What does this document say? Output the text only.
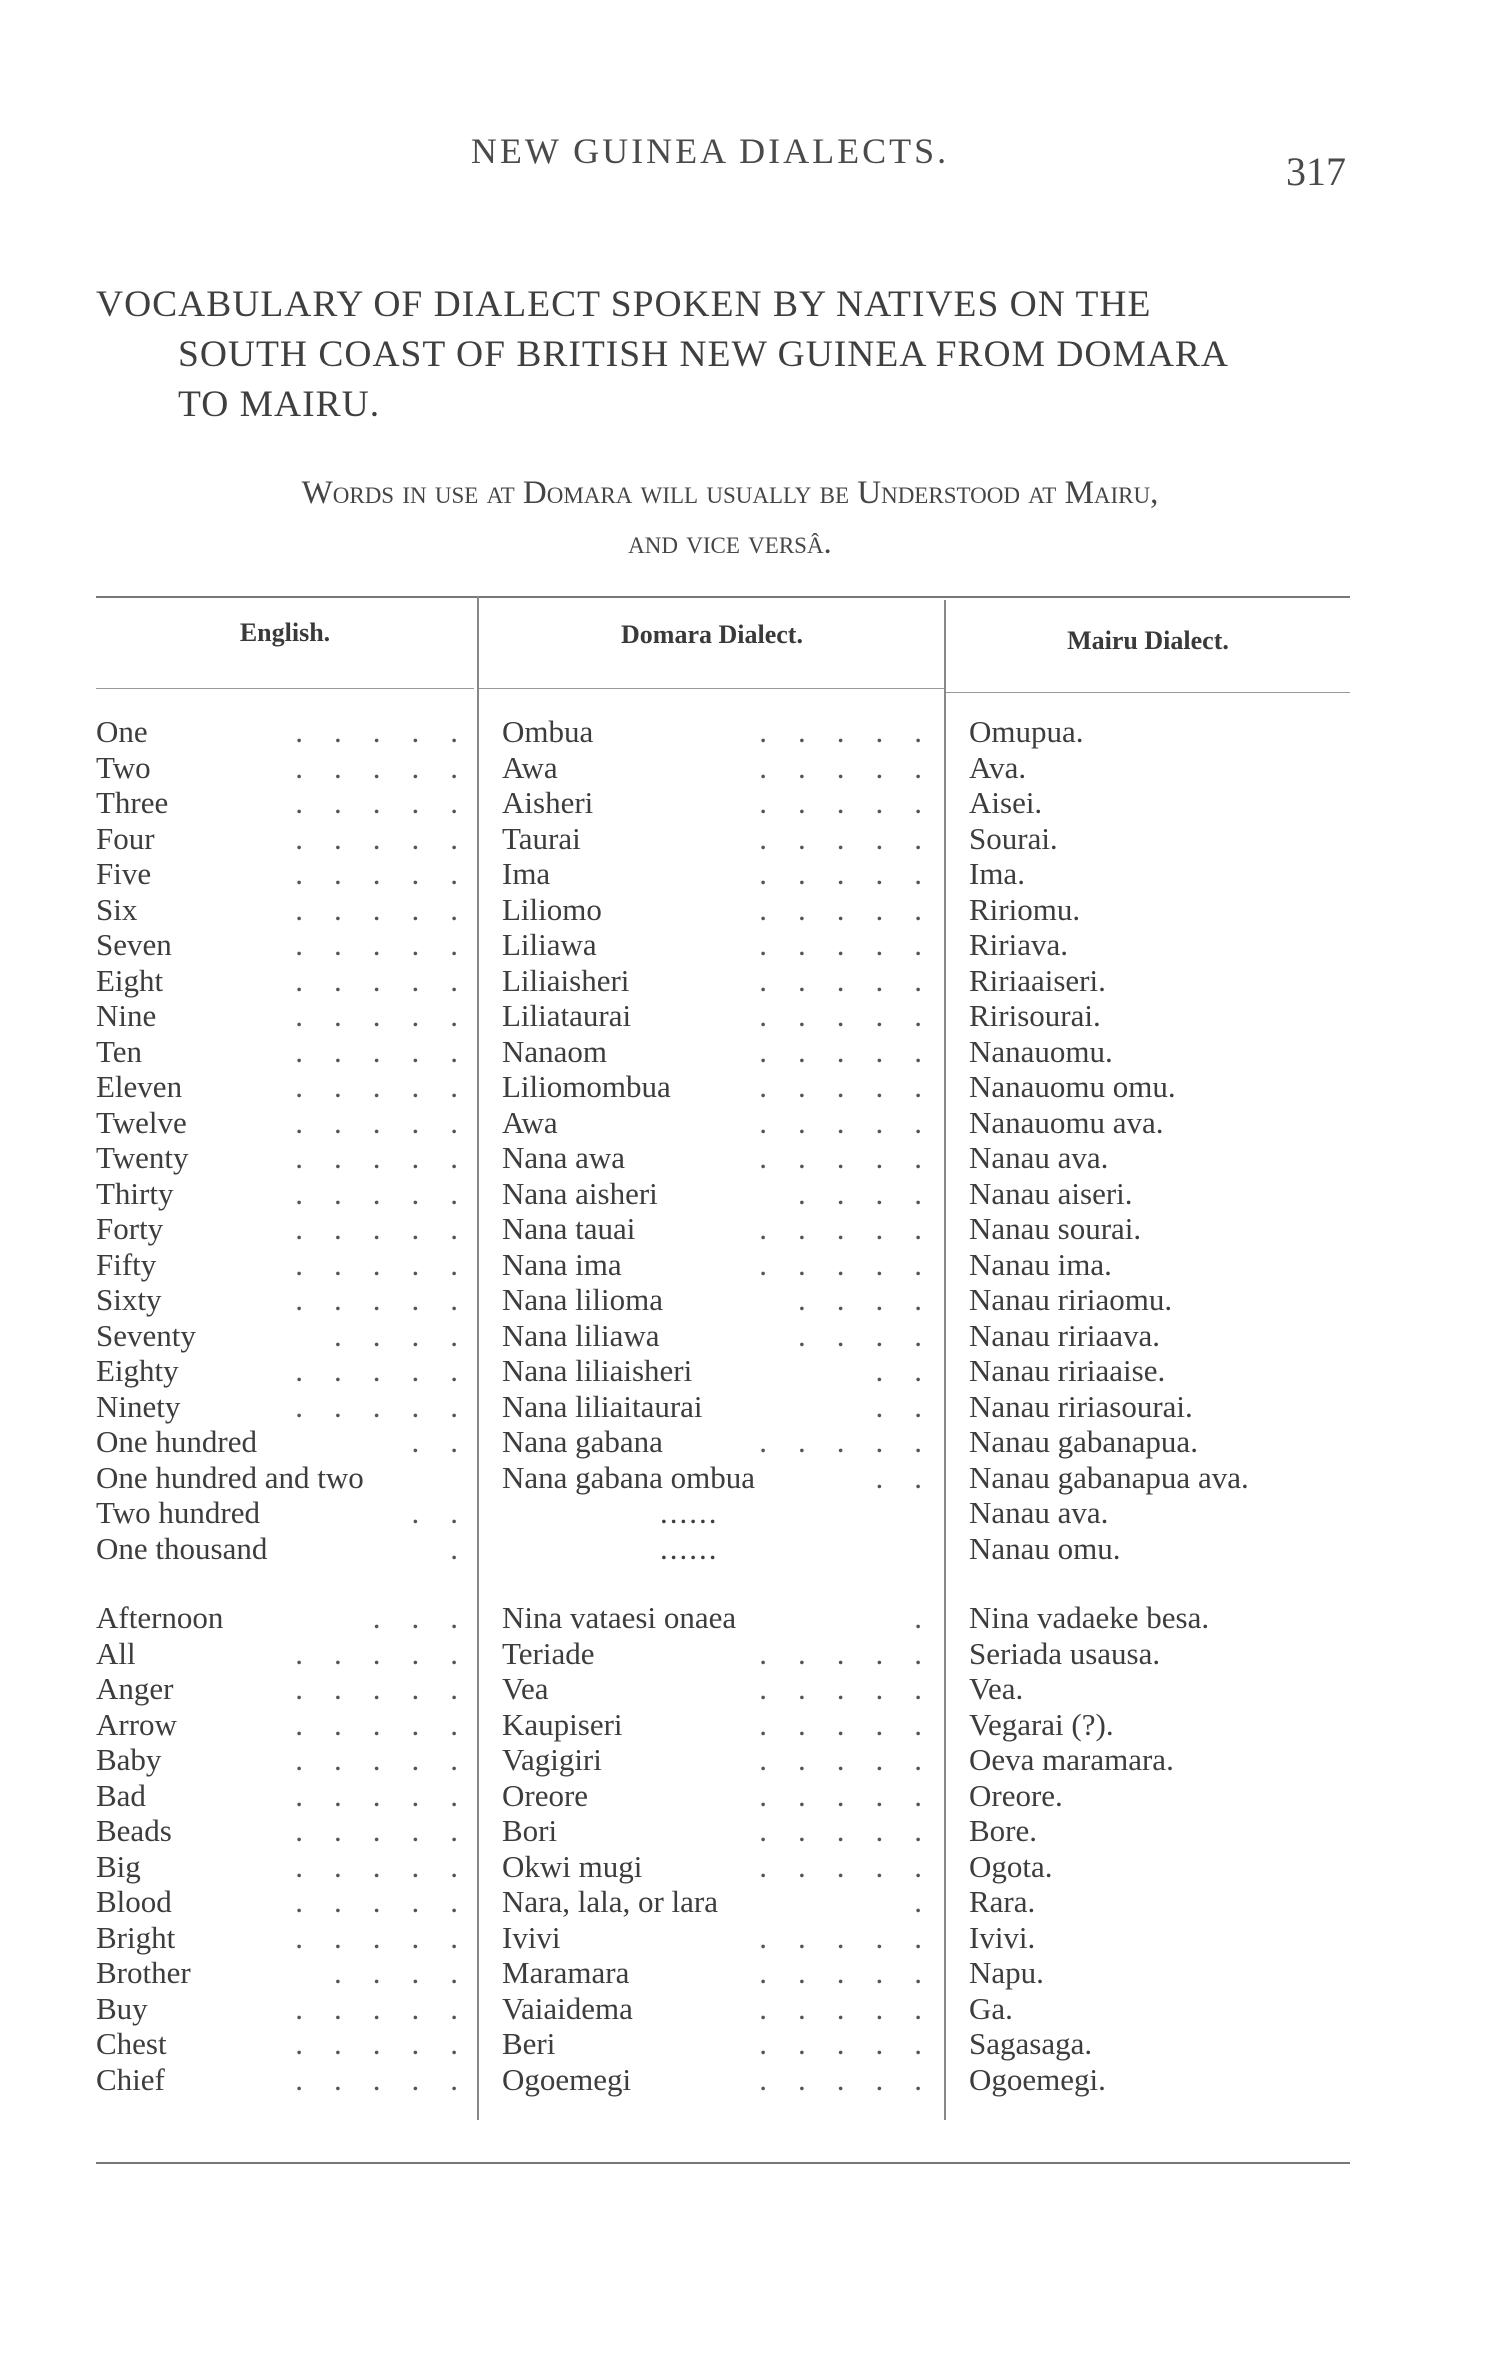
NEW GUINEA DIALECTS.	317
VOCABULARY OF DIALECT SPOKEN BY NATIVES ON THE
SOUTH COAST OF BRITISH NEW GUINEA FROM DOMARA
TO MAIRU.
Words in use at Domara will usually be Understood at Mairu,
and vice versâ.
English.	Domara Dialect.	Mairu Dialect.
One	.    .    .    .    . Ombua	.    .    .    .    . Omupua.
Two	.    .    .    .    . Awa	.    .    .    .    . Ava.
Three	.    .    .    .    . Aisheri	.    .    .    .    . Aisei.
Four	.    .    .    .    . Taurai	.    .    .    .    . Sourai.
Five	.    .    .    .    . Ima	.    .    .    .    . Ima.
Six	.    .    .    .    . Liliomo	.    .    .    .    . Ririomu.
Seven	.    .    .    .    . Liliawa	.    .    .    .    . Ririava.
Eight	.    .    .    .    . Liliaisheri	.    .    .    .    . Ririaaiseri.
Nine	.    .    .    .    . Liliataurai	.    .    .    .    . Ririsourai.
Ten	.    .    .    .    . Nanaom	.    .    .    .    . Nanauomu.
Eleven	.    .    .    .    . Liliomombua	.    .    .    .    . Nanauomu omu.
Twelve	.    .    .    .    . Awa	.    .    .    .    . Nanauomu ava.
Twenty	.    .    .    .    . Nana awa	.    .    .    .    . Nanau ava.
Thirty	.    .    .    .    . Nana aisheri	.    .    .    . Nanau aiseri.
Forty	.    .    .    .    . Nana tauai	.    .    .    .    . Nanau sourai.
Fifty	.    .    .    .    . Nana ima	.    .    .    .    . Nanau ima.
Sixty	.    .    .    .    . Nana lilioma	.    .    .    . Nanau ririaomu.
Seventy	.    .    .    . Nana liliawa	.    .    .    . Nanau ririaava.
Eighty	.    .    .    .    . Nana liliaisheri	.    . Nanau ririaaise.
Ninety	.    .    .    .    . Nana liliaitaurai	.    . Nanau ririasourai.
One hundred	.    . Nana gabana	.    .    .    .    . Nanau gabanapua.
One hundred and two	Nana gabana ombua	.    . Nanau gabanapua ava.
Two hundred	.    .	......	Nanau ava.
One thousand	.	......	Nanau omu.
Afternoon	.    .    . Nina vataesi onaea	. Nina vadaeke besa.
All	.    .    .    .    . Teriade	.    .    .    .    . Seriada usausa.
Anger	.    .    .    .    . Vea	.    .    .    .    . Vea.
Arrow	.    .    .    .    . Kaupiseri	.    .    .    .    . Vegarai (?).
Baby	.    .    .    .    . Vagigiri	.    .    .    .    . Oeva maramara.
Bad	.    .    .    .    . Oreore	.    .    .    .    . Oreore.
Beads	.    .    .    .    . Bori	.    .    .    .    . Bore.
Big	.    .    .    .    . Okwi mugi	.    .    .    .    . Ogota.
Blood	.    .    .    .    . Nara, lala, or lara	. Rara.
Bright	.    .    .    .    . Ivivi	.    .    .    .    . Ivivi.
Brother	.    .    .    . Maramara	.    .    .    .    . Napu.
Buy	.    .    .    .    . Vaiaidema	.    .    .    .    . Ga.
Chest	.    .    .    .    . Beri	.    .    .    .    . Sagasaga.
Chief	.    .    .    .    . Ogoemegi	.    .    .    .    . Ogoemegi.
